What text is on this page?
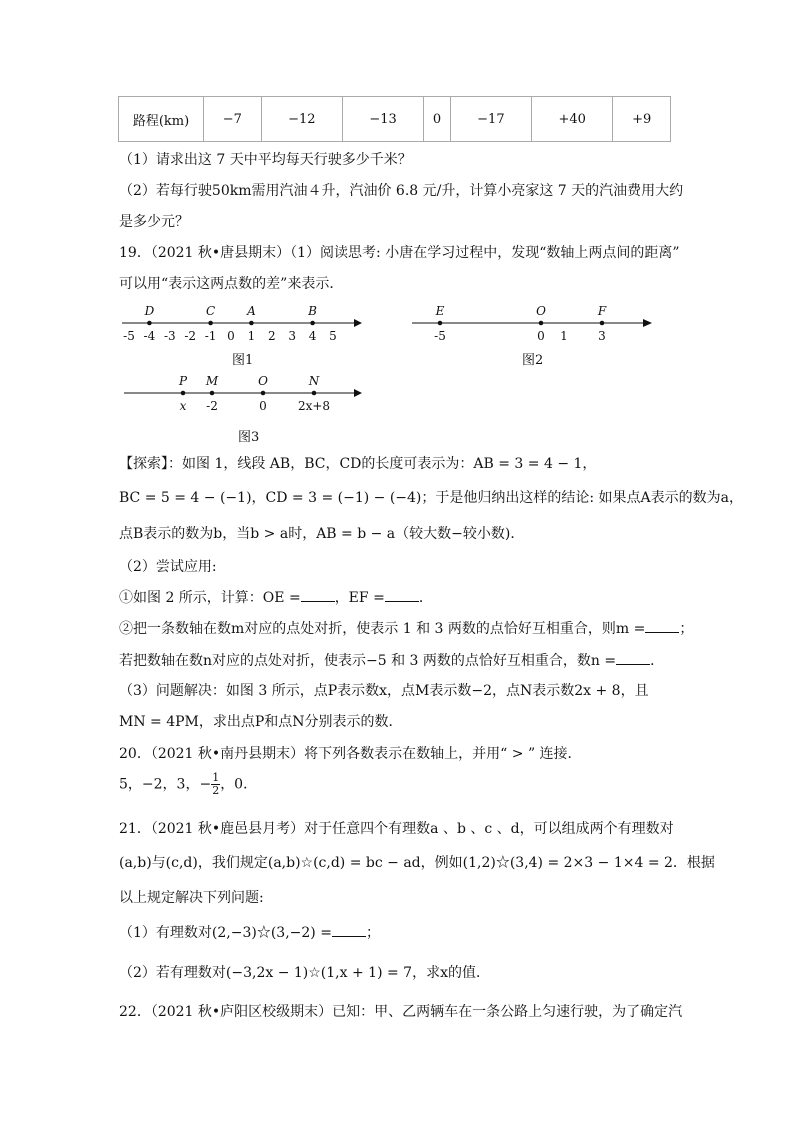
路程(km)	−7	−12	−13	0	−17	+40	+9
（1）请求出这 7 天中平均每天行驶多少千米？
（2）若每行驶50km需用汽油４升，汽油价 6.8 元/升，计算小亮家这 7 天的汽油费用大约
是多少元？
19．（2021 秋•唐县期末）（1）阅读思考: 小唐在学习过程中，发现“数轴上两点间的距离”
可以用“表示这两点数的差”来表示．
-5 -4 -3 -2 -1 0 1 2 3 4 5
D	C	A	B
图1
-5	0 1	3
E	O	F
图2
x -2	0	2x+8
P M	O	N
图3
【探索】：如图 1，线段 AB，BC，CD的长度可表示为：AB = 3 = 4 − 1，
BC = 5 = 4 − (−1)，CD = 3 = (−1) − (−4)；于是他归纳出这样的结论: 如果点A表示的数为a，
点B表示的数为b，当b > a时，AB = b − a（较大数−较小数)．
（2）尝试应用:
①如图 2 所示，计算：OE = ，EF = ．
②把一条数轴在数m对应的点处对折，使表示 1 和 3 两数的点恰好互相重合，则m = ；
若把数轴在数n对应的点处对折，使表示−5 和 3 两数的点恰好互相重合，数n = ．
（3）问题解决：如图 3 所示，点P表示数x，点M表示数−2，点N表示数2x + 8，且
MN = 4PM，求出点P和点N分别表示的数．
20．（2021 秋•南丹县期末）将下列各数表示在数轴上，并用“ > ” 连接．
5，−2，3，− $\frac{1}{2}$ ，0．
21．（2021 秋•鹿邑县月考）对于任意四个有理数a 、b 、c 、d，可以组成两个有理数对
(a,b)与(c,d)，我们规定(a,b)☆(c,d) = bc − ad，例如(1,2)☆(3,4) = 2×3 − 1×4 = 2．根据
以上规定解决下列问题:
（1）有理数对(2,−3)☆(3,−2) = ；
（2）若有理数对(−3,2x − 1)☆(1,x + 1) = 7，求x的值．
22．（2021 秋•庐阳区校级期末）已知：甲、乙两辆车在一条公路上匀速行驶，为了确定汽
